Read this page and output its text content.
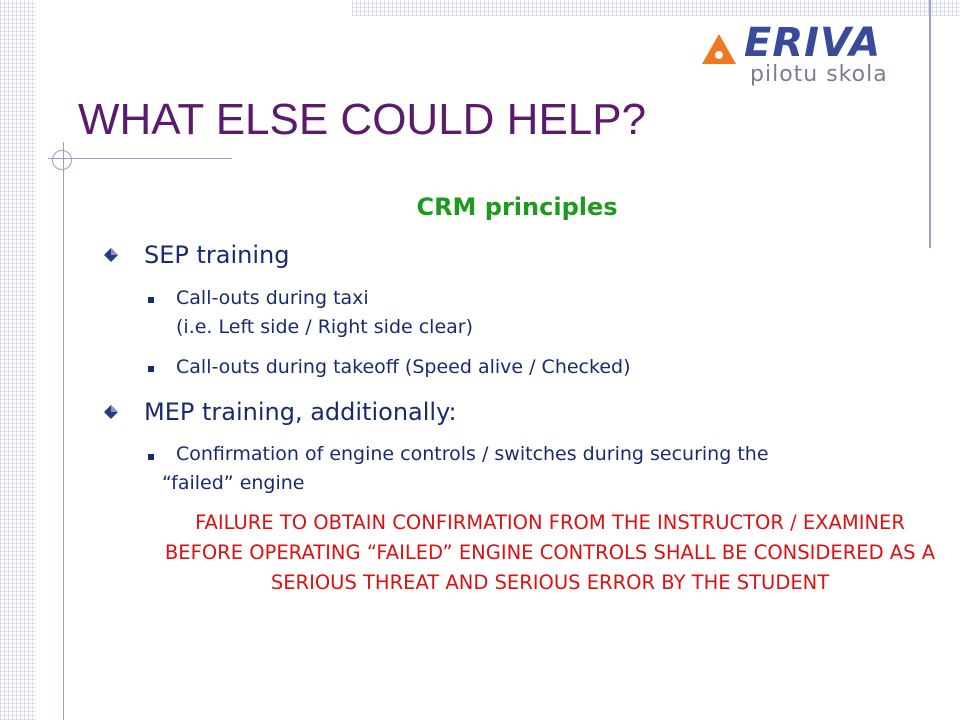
ERIVA
pilotu skola
WHAT ELSE COULD HELP?
CRM principles
SEP training
Call-outs during taxi
(i.e. Left side / Right side clear)
Call-outs during takeoff (Speed alive / Checked)
MEP training, additionally:
Confirmation of engine controls / switches during securing the
“failed” engine
FAILURE TO OBTAIN CONFIRMATION FROM THE INSTRUCTOR / EXAMINER BEFORE OPERATING “FAILED” ENGINE CONTROLS SHALL BE CONSIDERED AS A SERIOUS THREAT AND SERIOUS ERROR BY THE STUDENT
